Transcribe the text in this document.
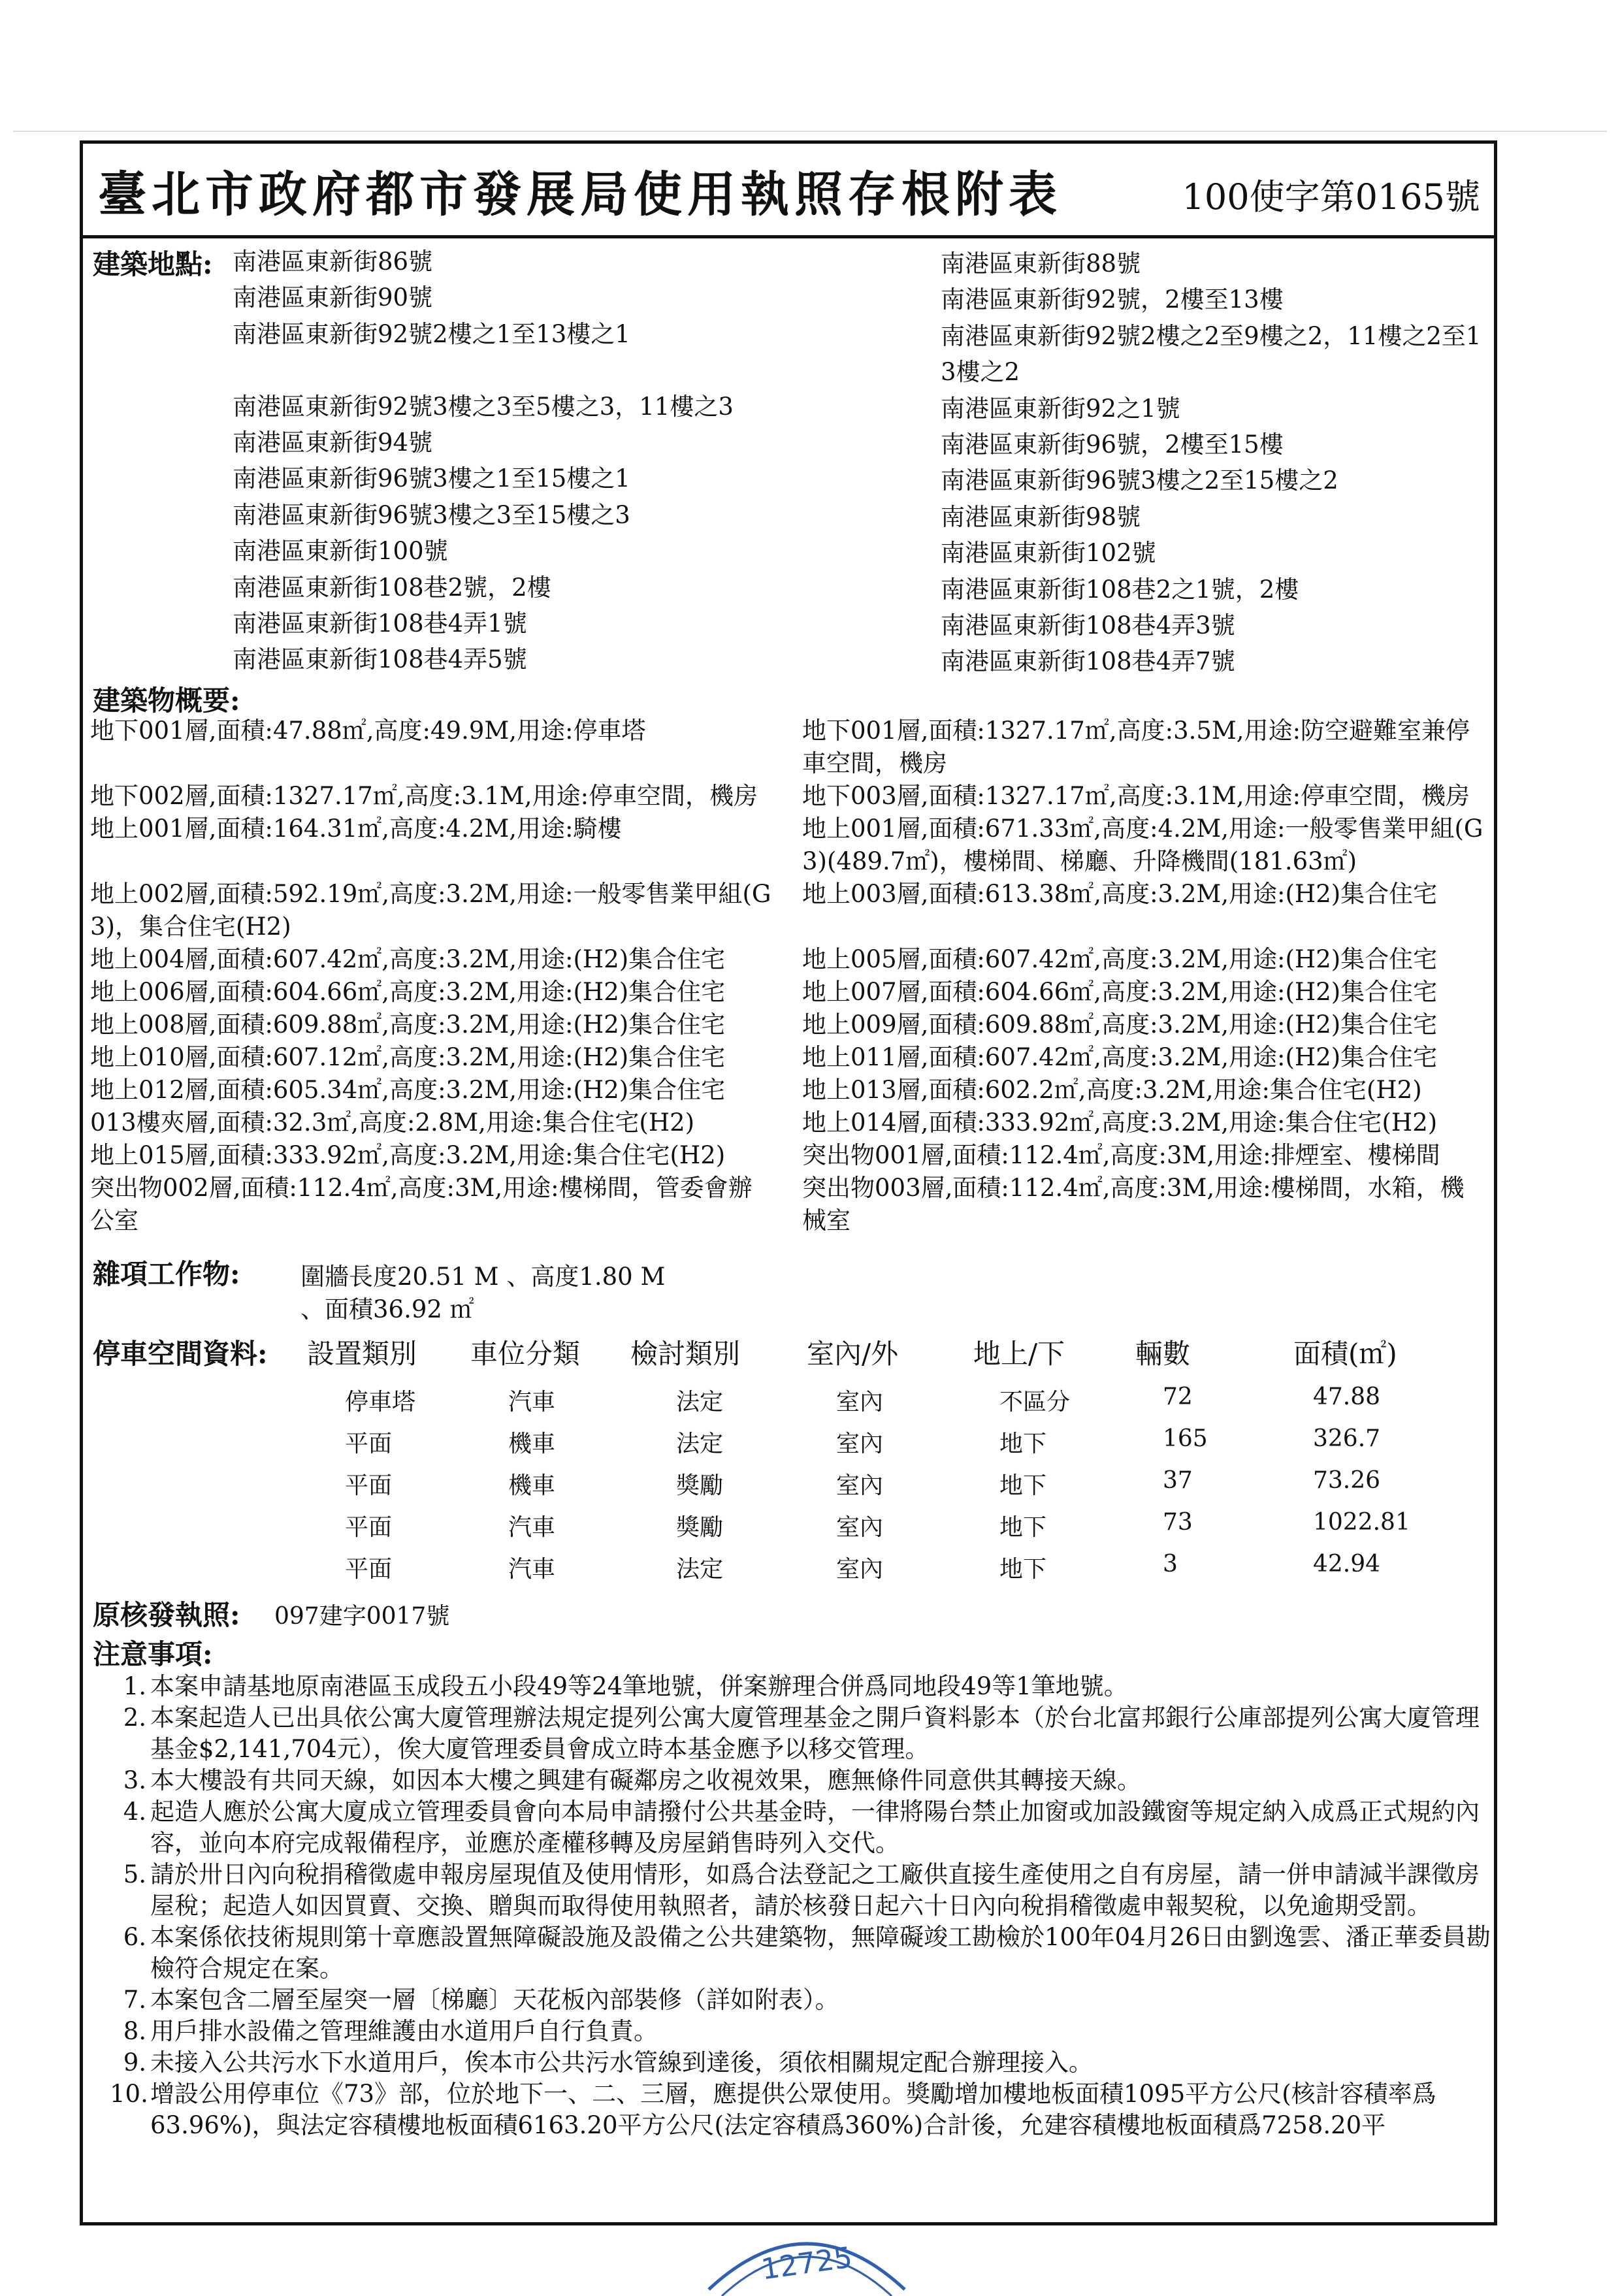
臺北市政府都市發展局使用執照存根附表	100使字第0165號
建築地點: 南港區東新街86號
南港區東新街90號
南港區東新街92號2樓之1至13樓之1

南港區東新街92號3樓之3至5樓之3，11樓之3
南港區東新街94號
南港區東新街96號3樓之1至15樓之1
南港區東新街96號3樓之3至15樓之3
南港區東新街100號
南港區東新街108巷2號，2樓
南港區東新街108巷4弄1號
南港區東新街108巷4弄5號
南港區東新街88號
南港區東新街92號，2樓至13樓
南港區東新街92號2樓之2至9樓之2，11樓之2至1
3樓之2
南港區東新街92之1號
南港區東新街96號，2樓至15樓
南港區東新街96號3樓之2至15樓之2
南港區東新街98號
南港區東新街102號
南港區東新街108巷2之1號，2樓
南港區東新街108巷4弄3號
南港區東新街108巷4弄7號
建築物概要:
地下001層,面積:47.88㎡,高度:49.9M,用途:停車塔

地下002層,面積:1327.17㎡,高度:3.1M,用途:停車空間，機房
地上001層,面積:164.31㎡,高度:4.2M,用途:騎樓

地上002層,面積:592.19㎡,高度:3.2M,用途:一般零售業甲組(G
3)，集合住宅(H2)
地上004層,面積:607.42㎡,高度:3.2M,用途:(H2)集合住宅
地上006層,面積:604.66㎡,高度:3.2M,用途:(H2)集合住宅
地上008層,面積:609.88㎡,高度:3.2M,用途:(H2)集合住宅
地上010層,面積:607.12㎡,高度:3.2M,用途:(H2)集合住宅
地上012層,面積:605.34㎡,高度:3.2M,用途:(H2)集合住宅
013樓夾層,面積:32.3㎡,高度:2.8M,用途:集合住宅(H2)
地上015層,面積:333.92㎡,高度:3.2M,用途:集合住宅(H2)
突出物002層,面積:112.4㎡,高度:3M,用途:樓梯間，管委會辦
公室
地下001層,面積:1327.17㎡,高度:3.5M,用途:防空避難室兼停
車空間，機房
地下003層,面積:1327.17㎡,高度:3.1M,用途:停車空間，機房
地上001層,面積:671.33㎡,高度:4.2M,用途:一般零售業甲組(G
3)(489.7㎡)，樓梯間、梯廳、升降機間(181.63㎡)
地上003層,面積:613.38㎡,高度:3.2M,用途:(H2)集合住宅

地上005層,面積:607.42㎡,高度:3.2M,用途:(H2)集合住宅
地上007層,面積:604.66㎡,高度:3.2M,用途:(H2)集合住宅
地上009層,面積:609.88㎡,高度:3.2M,用途:(H2)集合住宅
地上011層,面積:607.42㎡,高度:3.2M,用途:(H2)集合住宅
地上013層,面積:602.2㎡,高度:3.2M,用途:集合住宅(H2)
地上014層,面積:333.92㎡,高度:3.2M,用途:集合住宅(H2)
突出物001層,面積:112.4㎡,高度:3M,用途:排煙室、樓梯間
突出物003層,面積:112.4㎡,高度:3M,用途:樓梯間，水箱，機
械室
雜項工作物: 圍牆長度20.51 M 、高度1.80 M
、面積36.92 ㎡
停車空間資料: 設置類別 車位分類 檢討類別 室內/外	地上/下	輛數	面積(㎡)
停車塔	汽車	法定	室內	不區分	72	47.88
平面	機車	法定	室內	地下	165	326.7
平面	機車	獎勵	室內	地下	37	73.26
平面	汽車	獎勵	室內	地下	73	1022.81
平面	汽車	法定	室內	地下	3	42.94
原核發執照: 097建字0017號
注意事項:
1. 本案申請基地原南港區玉成段五小段49等24筆地號，併案辦理合併爲同地段49等1筆地號。
2. 本案起造人已出具依公寓大廈管理辦法規定提列公寓大廈管理基金之開戶資料影本（於台北富邦銀行公庫部提列公寓大廈管理基金$2,141,704元），俟大廈管理委員會成立時本基金應予以移交管理。
3. 本大樓設有共同天線，如因本大樓之興建有礙鄰房之收視效果，應無條件同意供其轉接天線。
4. 起造人應於公寓大廈成立管理委員會向本局申請撥付公共基金時，一律將陽台禁止加窗或加設鐵窗等規定納入成爲正式規約內容，並向本府完成報備程序，並應於產權移轉及房屋銷售時列入交代。
5. 請於卅日內向稅捐稽徵處申報房屋現值及使用情形，如爲合法登記之工廠供直接生產使用之自有房屋，請一併申請減半課徵房屋稅；起造人如因買賣、交換、贈與而取得使用執照者，請於核發日起六十日內向稅捐稽徵處申報契稅，以免逾期受罰。
6. 本案係依技術規則第十章應設置無障礙設施及設備之公共建築物，無障礙竣工勘檢於100年04月26日由劉逸雲、潘正華委員勘檢符合規定在案。
7. 本案包含二層至屋突一層〔梯廳〕天花板內部裝修（詳如附表）。
8. 用戶排水設備之管理維護由水道用戶自行負責。
9. 未接入公共污水下水道用戶，俟本市公共污水管線到達後，須依相關規定配合辦理接入。
10. 增設公用停車位《73》部，位於地下一、二、三層，應提供公眾使用。獎勵增加樓地板面積1095平方公尺(核計容積率爲63.96%)，與法定容積樓地板面積6163.20平方公尺(法定容積爲360%)合計後，允建容積樓地板面積爲7258.20平
12725
